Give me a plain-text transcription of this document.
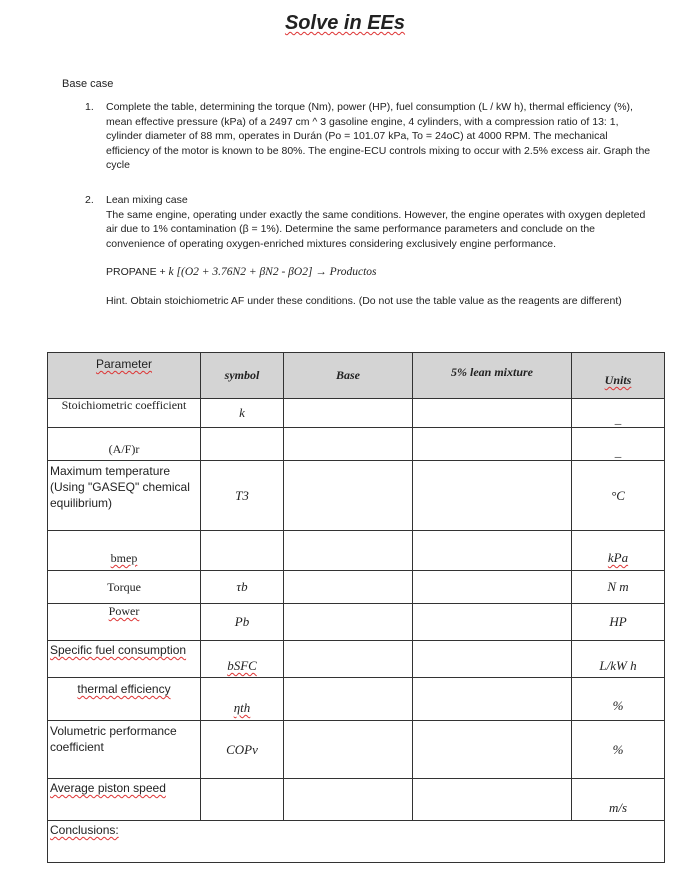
Solve in EEs
Base case
1. Complete the table, determining the torque (Nm), power (HP), fuel consumption (L / kW h), thermal efficiency (%), mean effective pressure (kPa) of a 2497 cm ^ 3 gasoline engine, 4 cylinders, with a compression ratio of 13: 1, cylinder diameter of 88 mm, operates in Durán (Po = 101.07 kPa, To = 24oC) at 4000 RPM. The mechanical efficiency of the motor is known to be 80%. The engine-ECU controls mixing to occur with 2.5% excess air. Graph the cycle
2. Lean mixing case
The same engine, operating under exactly the same conditions. However, the engine operates with oxygen depleted air due to 1% contamination (β = 1%). Determine the same performance parameters and conclude on the convenience of operating oxygen-enriched mixtures considering exclusively engine performance.
PROPANE + k [(O2 + 3.76N2 + βN2 - βO2] → Productos
Hint. Obtain stoichiometric AF under these conditions. (Do not use the table value as the reagents are different)
Parameter	symbol	Base	5% lean mixture	Units
Stoichiometric coefficient	k			_
(A/F)r				_
Maximum temperature (Using "GASEQ" chemical equilibrium)	T3			°C
bmep				kPa
Torque	τb			N m
Power	Pb			HP
Specific fuel consumption	bSFC			L/kW h
thermal efficiency	ηth			%
Volumetric performance coefficient	COPv			%
Average piston speed				m/s
Conclusions:				
